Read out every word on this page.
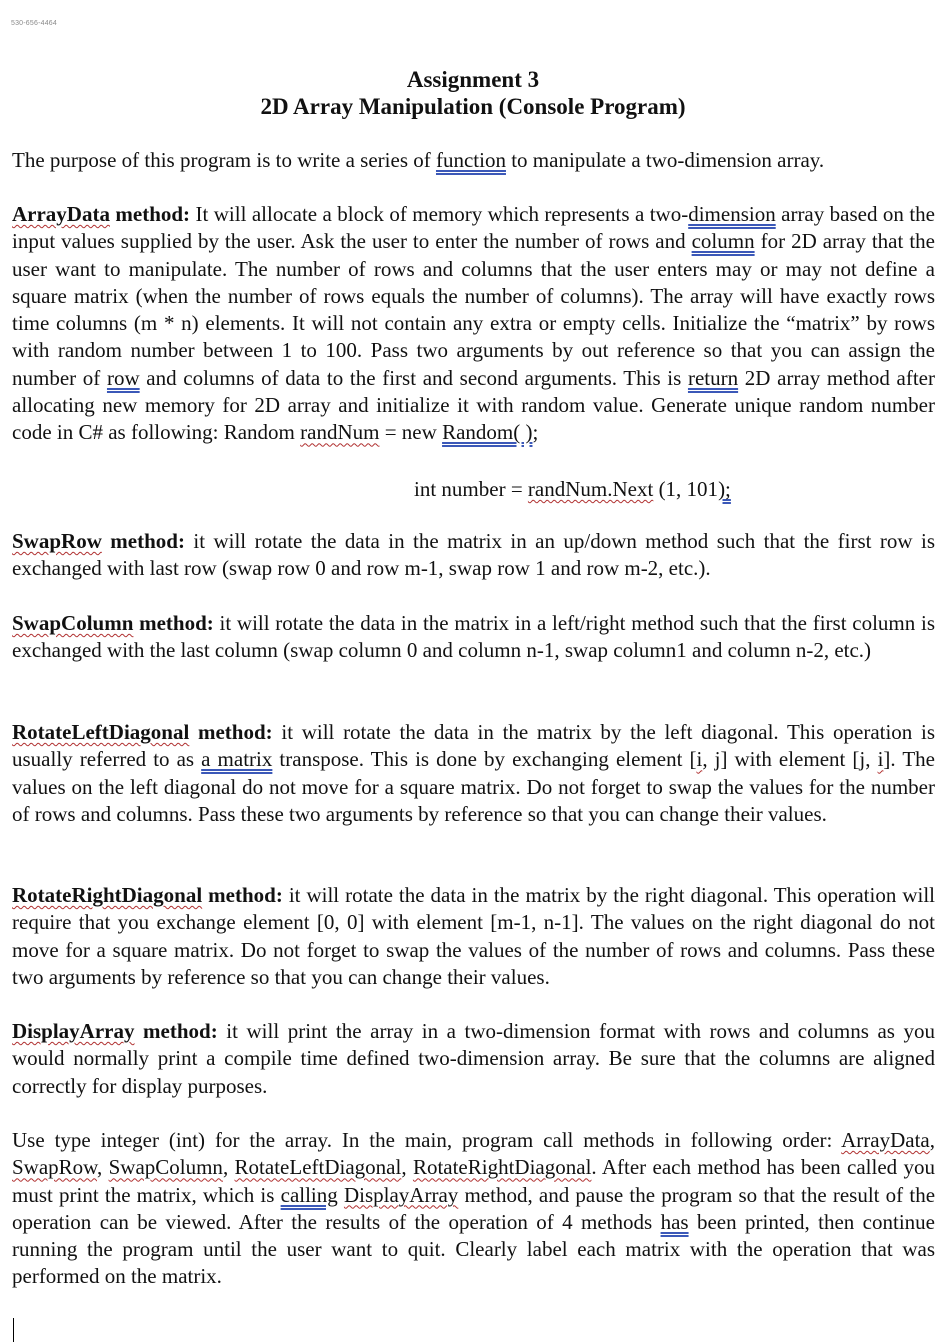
530-656-4464
Assignment 3
2D Array Manipulation (Console Program)

The purpose of this program is to write a series of function to manipulate a two-dimension array.

ArrayData method: It will allocate a block of memory which represents a two-dimension array based on the input values supplied by the user. Ask the user to enter the number of rows and column for 2D array that the user want to manipulate. The number of rows and columns that the user enters may or may not define a square matrix (when the number of rows equals the number of columns). The array will have exactly rows time columns (m * n) elements. It will not contain any extra or empty cells. Initialize the “matrix” by rows with random number between 1 to 100. Pass two arguments by out reference so that you can assign the number of row and columns of data to the first and second arguments. This is return 2D array method after allocating new memory for 2D array and initialize it with random value. Generate unique random number code in C# as following: Random randNum = new Random( );

int number = randNum.Next (1, 101);

SwapRow method: it will rotate the data in the matrix in an up/down method such that the first row is exchanged with last row (swap row 0 and row m-1, swap row 1 and row m-2, etc.).

SwapColumn method: it will rotate the data in the matrix in a left/right method such that the first column is exchanged with the last column (swap column 0 and column n-1, swap column1 and column n-2, etc.)

RotateLeftDiagonal method: it will rotate the data in the matrix by the left diagonal. This operation is usually referred to as a matrix transpose. This is done by exchanging element [i, j] with element [j, i]. The values on the left diagonal do not move for a square matrix. Do not forget to swap the values for the number of rows and columns. Pass these two arguments by reference so that you can change their values.

RotateRightDiagonal method: it will rotate the data in the matrix by the right diagonal. This operation will require that you exchange element [0, 0] with element [m-1, n-1]. The values on the right diagonal do not move for a square matrix. Do not forget to swap the values of the number of rows and columns. Pass these two arguments by reference so that you can change their values.

DisplayArray method: it will print the array in a two-dimension format with rows and columns as you would normally print a compile time defined two-dimension array. Be sure that the columns are aligned correctly for display purposes.

Use type integer (int) for the array. In the main, program call methods in following order: ArrayData, SwapRow, SwapColumn, RotateLeftDiagonal, RotateRightDiagonal. After each method has been called you must print the matrix, which is calling DisplayArray method, and pause the program so that the result of the operation can be viewed. After the results of the operation of 4 methods has been printed, then continue running the program until the user want to quit. Clearly label each matrix with the operation that was performed on the matrix.
